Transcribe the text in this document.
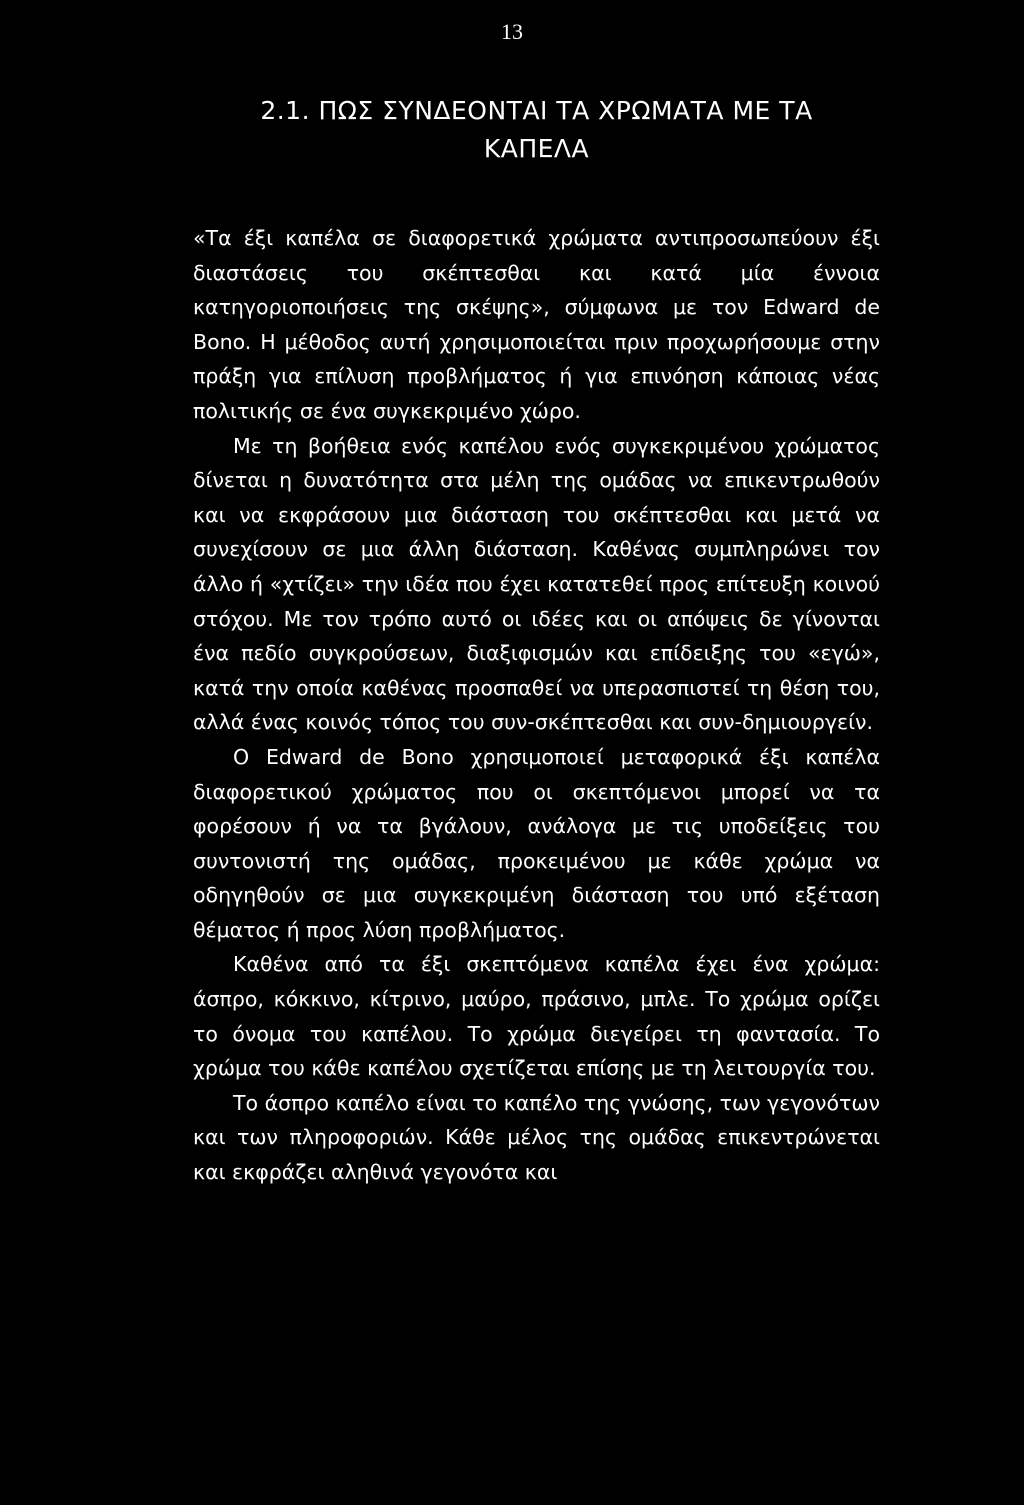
13
2.1. ΠΩΣ ΣΥΝΔΕΟΝΤΑΙ ΤΑ ΧΡΩΜΑΤΑ ΜΕ ΤΑ
ΚΑΠΕΛΑ

«Τα έξι καπέλα σε διαφορετικά χρώματα αντιπροσωπεύουν έξι διαστάσεις του σκέπτεσθαι και κατά μία έννοια κατηγοριοποιήσεις της σκέψης», σύμφωνα με τον Edward de Bono. Η μέθοδος αυτή χρησιμοποιείται πριν προχωρήσουμε στην πράξη για επίλυση προβλήματος ή για επινόηση κάποιας νέας πολιτικής σε ένα συγκεκριμένο χώρο.

Με τη βοήθεια ενός καπέλου ενός συγκεκριμένου χρώματος δίνεται η δυνατότητα στα μέλη της ομάδας να επικεντρωθούν και να εκφράσουν μια διάσταση του σκέπτεσθαι και μετά να συνεχίσουν σε μια άλλη διάσταση. Καθένας συμπληρώνει τον άλλο ή «χτίζει» την ιδέα που έχει κατατεθεί προς επίτευξη κοινού στόχου. Με τον τρόπο αυτό οι ιδέες και οι απόψεις δε γίνονται ένα πεδίο συγκρούσεων, διαξιφισμών και επίδειξης του «εγώ», κατά την οποία καθένας προσπαθεί να υπερασπιστεί τη θέση του, αλλά ένας κοινός τόπος του συν-σκέπτεσθαι και συν-δημιουργείν.

Ο Edward de Bono χρησιμοποιεί μεταφορικά έξι καπέλα διαφορετικού χρώματος που οι σκεπτόμενοι μπορεί να τα φορέσουν ή να τα βγάλουν, ανάλογα με τις υποδείξεις του συντονιστή της ομάδας, προκειμένου με κάθε χρώμα να οδηγηθούν σε μια συγκεκριμένη διάσταση του υπό εξέταση θέματος ή προς λύση προβλήματος.

Καθένα από τα έξι σκεπτόμενα καπέλα έχει ένα χρώμα: άσπρο, κόκκινο, κίτρινο, μαύρο, πράσινο, μπλε. Το χρώμα ορίζει το όνομα του καπέλου. Το χρώμα διεγείρει τη φαντασία. Το χρώμα του κάθε καπέλου σχετίζεται επίσης με τη λειτουργία του.

Το άσπρο καπέλο είναι το καπέλο της γνώσης, των γεγονότων και των πληροφοριών. Κάθε μέλος της ομάδας επικεντρώνεται και εκφράζει αληθινά γεγονότα και
